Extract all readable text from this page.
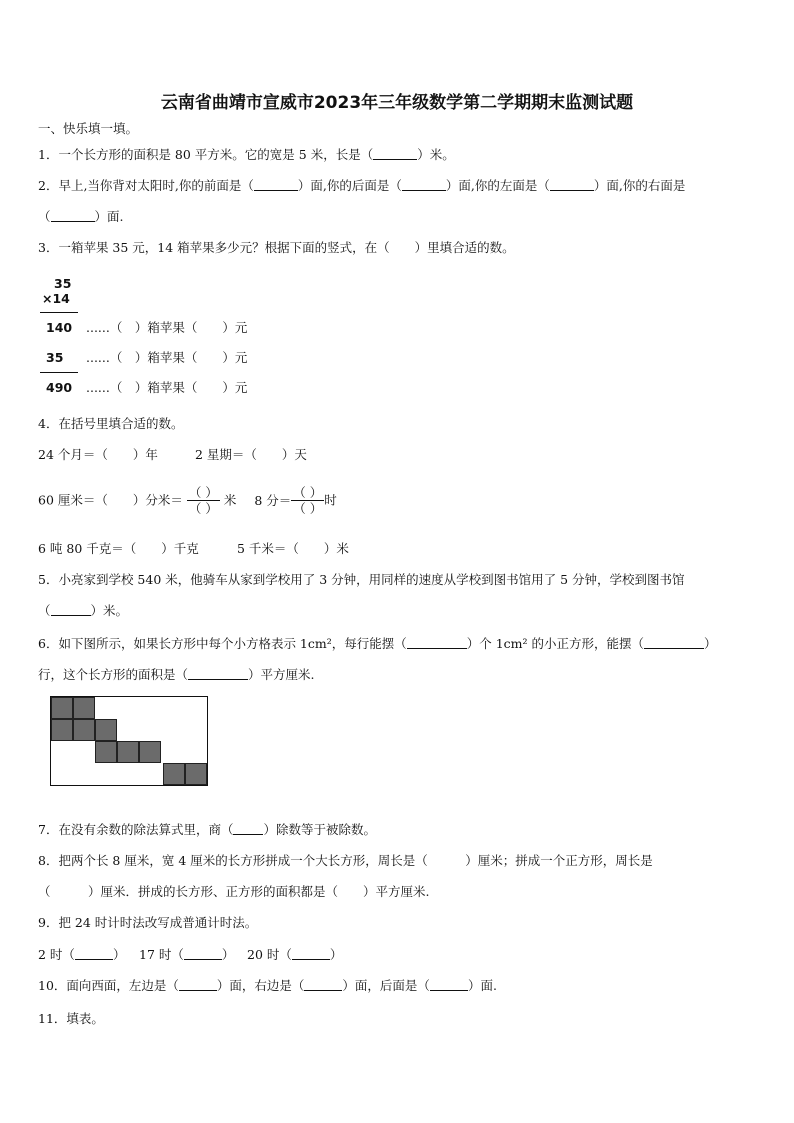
云南省曲靖市宣威市2023年三年级数学第二学期期末监测试题
一、快乐填一填。
1．一个长方形的面积是 80 平方米。它的宽是 5 米，长是（	）米。
2．早上,当你背对太阳时,你的前面是（	）面,你的后面是（	）面,你的左面是（	）面,你的右面是
（	）面.
3．一箱苹果 35 元，14 箱苹果多少元？根据下面的竖式，在（　　）里填合适的数。
35
×14
140 ......（　）箱苹果（　　）元
35 ......（　）箱苹果（　　）元
490 ......（　）箱苹果（　　）元
4．在括号里填合适的数。
24 个月＝（　　）年	2 星期＝（　　）天
60 厘米＝（　　）分米＝ $\frac{( )}{( )}$ 米 8 分＝ $\frac{( )}{( )}$ 时
6 吨 80 千克＝（　　）千克	5 千米＝（　　）米
5．小亮家到学校 540 米，他骑车从家到学校用了 3 分钟，用同样的速度从学校到图书馆用了 5 分钟，学校到图书馆
（	）米。
6．如下图所示，如果长方形中每个小方格表示 1cm²，每行能摆（	）个 1cm² 的小正方形，能摆（	）
行，这个长方形的面积是（	）平方厘米.
7．在没有余数的除法算式里，商（ ）除数等于被除数。
8．把两个长 8 厘米，宽 4 厘米的长方形拼成一个大长方形，周长是（　　　）厘米；拼成一个正方形，周长是
（　　　）厘米．拼成的长方形、正方形的面积都是（　　）平方厘米.
9．把 24 时计时法改写成普通计时法。
2 时（	） 17 时（	） 20 时（	）
10．面向西面，左边是（	）面，右边是（	）面，后面是（	）面.
11．填表。
